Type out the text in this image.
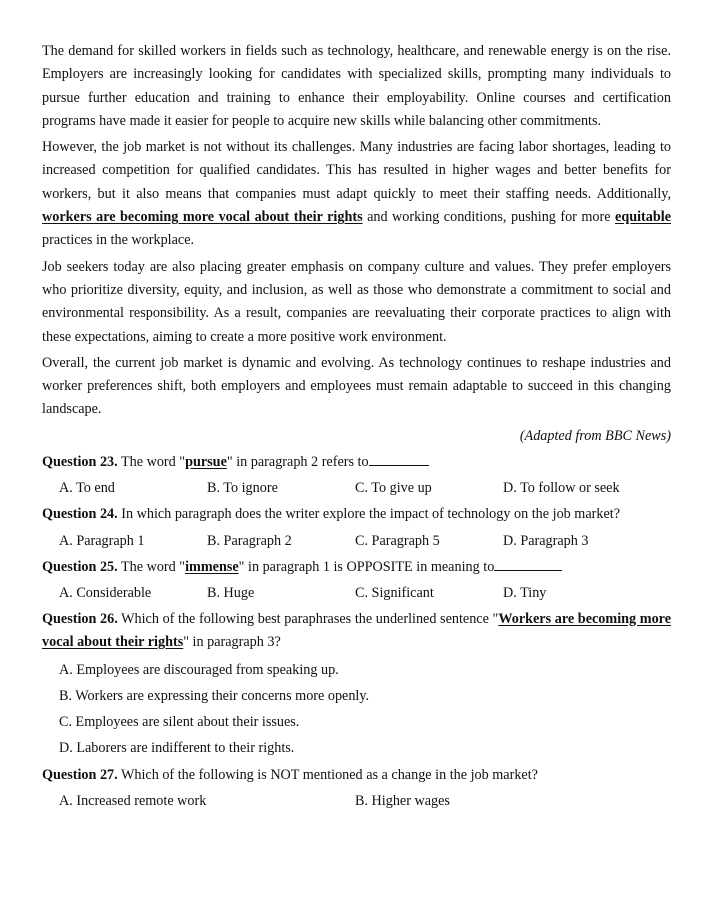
The demand for skilled workers in fields such as technology, healthcare, and renewable energy is on the rise. Employers are increasingly looking for candidates with specialized skills, prompting many individuals to pursue further education and training to enhance their employability. Online courses and certification programs have made it easier for people to acquire new skills while balancing other commitments.

However, the job market is not without its challenges. Many industries are facing labor shortages, leading to increased competition for qualified candidates. This has resulted in higher wages and better benefits for workers, but it also means that companies must adapt quickly to meet their staffing needs. Additionally, workers are becoming more vocal about their rights and working conditions, pushing for more equitable practices in the workplace.

Job seekers today are also placing greater emphasis on company culture and values. They prefer employers who prioritize diversity, equity, and inclusion, as well as those who demonstrate a commitment to social and environmental responsibility. As a result, companies are reevaluating their corporate practices to align with these expectations, aiming to create a more positive work environment.

Overall, the current job market is dynamic and evolving. As technology continues to reshape industries and worker preferences shift, both employers and employees must remain adaptable to succeed in this changing landscape.

(Adapted from BBC News)
Question 23. The word "pursue" in paragraph 2 refers to
A. To end	B. To ignore	C. To give up	D. To follow or seek
Question 24. In which paragraph does the writer explore the impact of technology on the job market?
A. Paragraph 1	B. Paragraph 2	C. Paragraph 5	D. Paragraph 3
Question 25. The word "immense" in paragraph 1 is OPPOSITE in meaning to
A. Considerable	B. Huge	C. Significant	D. Tiny
Question 26. Which of the following best paraphrases the underlined sentence "Workers are becoming more vocal about their rights" in paragraph 3?
A. Employees are discouraged from speaking up.
B. Workers are expressing their concerns more openly.
C. Employees are silent about their issues.
D. Laborers are indifferent to their rights.
Question 27. Which of the following is NOT mentioned as a change in the job market?
A. Increased remote work	B. Higher wages
